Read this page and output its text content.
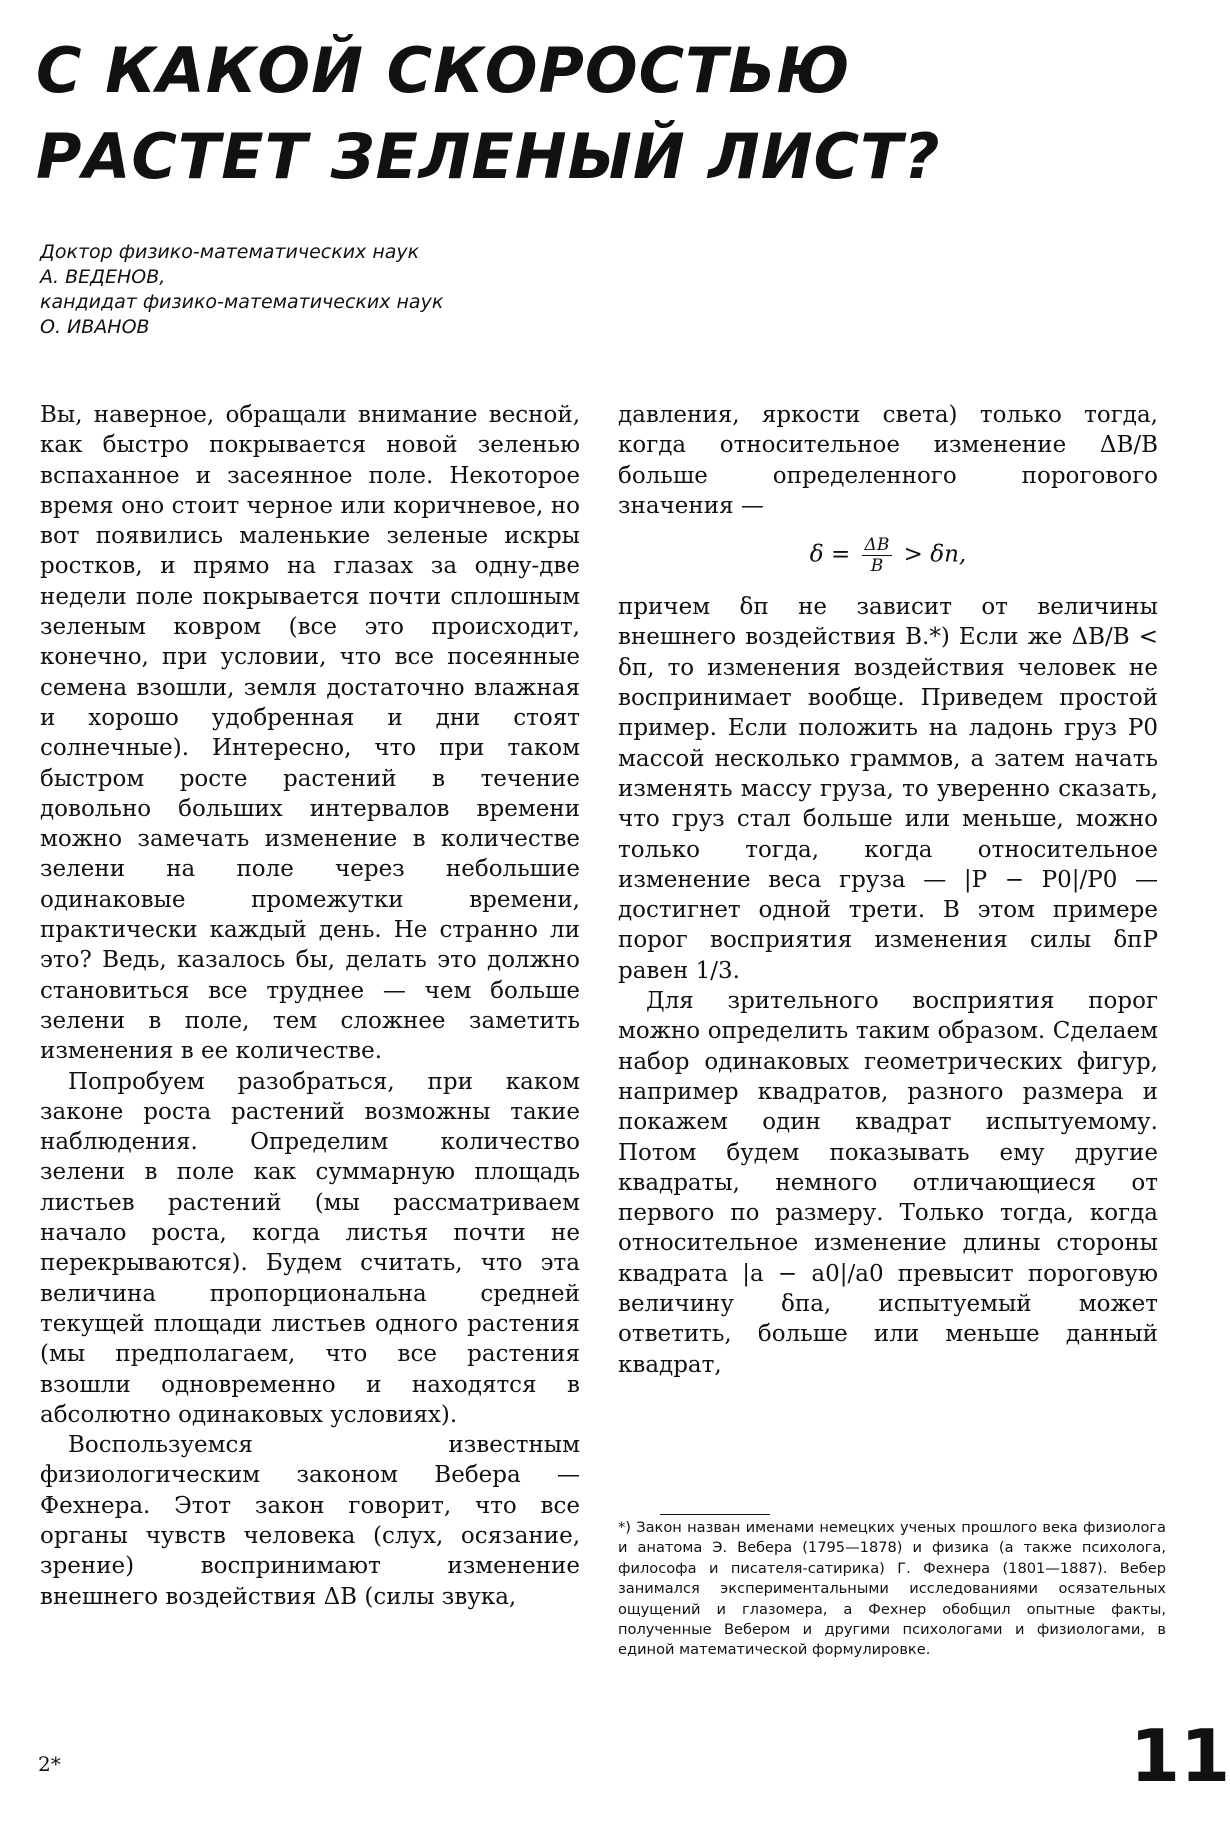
С КАКОЙ СКОРОСТЬЮ
РАСТЕТ ЗЕЛЕНЫЙ ЛИСТ?
Доктор физико-математических наук
А. ВЕДЕНОВ,
кандидат физико-математических наук
О. ИВАНОВ

Вы, наверное, обращали внимание весной, как быстро покрывается новой зеленью вспаханное и засеянное поле. Некоторое время оно стоит черное или коричневое, но вот появились маленькие зеленые искры ростков, и прямо на глазах за одну-две недели поле покрывается почти сплошным зеленым ковром (все это происходит, конечно, при условии, что все посеянные семена взошли, земля достаточно влажная и хорошо удобренная и дни стоят солнечные). Интересно, что при таком быстром росте растений в течение довольно больших интервалов времени можно замечать изменение в количестве зелени на поле через небольшие одинаковые промежутки времени, практически каждый день. Не странно ли это? Ведь, казалось бы, делать это должно становиться все труднее — чем больше зелени в поле, тем сложнее заметить изменения в ее количестве.

Попробуем разобраться, при каком законе роста растений возможны такие наблюдения. Определим количество зелени в поле как суммарную площадь листьев растений (мы рассматриваем начало роста, когда листья почти не перекрываются). Будем считать, что эта величина пропорциональна средней текущей площади листьев одного растения (мы предполагаем, что все растения взошли одновременно и находятся в абсолютно одинаковых условиях).

Воспользуемся известным физиологическим законом Вебера — Фехнера. Этот закон говорит, что все органы чувств человека (слух, осязание, зрение) воспринимают изменение внешнего воздействия ΔB (силы звука,

давления, яркости света) только тогда, когда относительное изменение ΔB/B больше определенного порогового значения —

$\delta = \frac{\Delta B}{B} > \delta п$,

причем δп не зависит от величины внешнего воздействия B.*) Если же ΔB/B < δп, то изменения воздействия человек не воспринимает вообще. Приведем простой пример. Если положить на ладонь груз P0 массой несколько граммов, а затем начать изменять массу груза, то уверенно сказать, что груз стал больше или меньше, можно только тогда, когда относительное изменение веса груза — |P − P0|/P0 — достигнет одной трети. В этом примере порог восприятия изменения силы δпP равен 1/3.

Для зрительного восприятия порог можно определить таким образом. Сделаем набор одинаковых геометрических фигур, например квадратов, разного размера и покажем один квадрат испытуемому. Потом будем показывать ему другие квадраты, немного отличающиеся от первого по размеру. Только тогда, когда относительное изменение длины стороны квадрата |a − a0|/a0 превысит пороговую величину δпa, испытуемый может ответить, больше или меньше данный квадрат,

*) Закон назван именами немецких ученых прошлого века физиолога и анатома Э. Вебера (1795—1878) и физика (а также психолога, философа и писателя-сатирика) Г. Фехнера (1801—1887). Вебер занимался экспериментальными исследованиями осязательных ощущений и глазомера, а Фехнер обобщил опытные факты, полученные Вебером и другими психологами и физиологами, в единой математической формулировке.
2*	11
